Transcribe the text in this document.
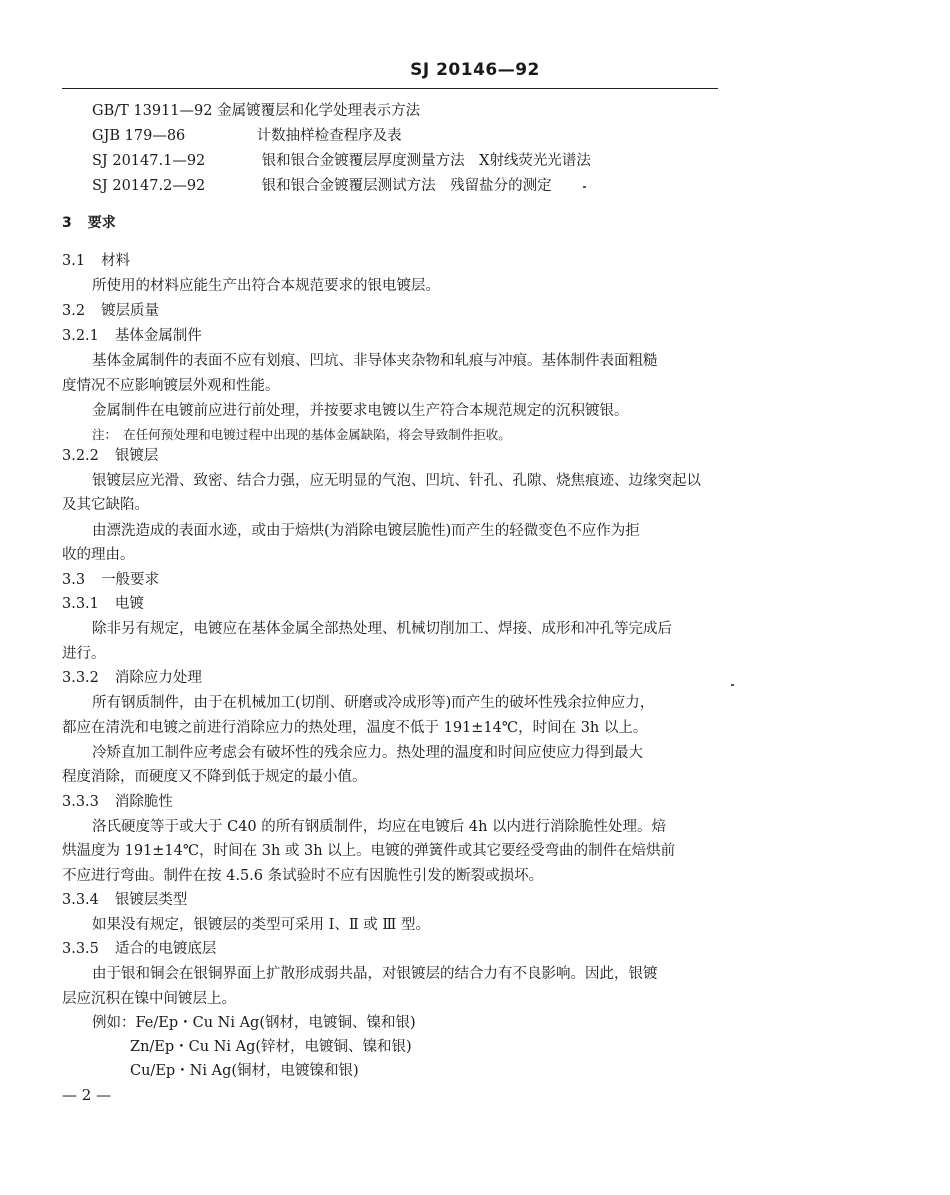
SJ 20146—92
GB/T 13911—92 金属镀覆层和化学处理表示方法
GJB 179—86	计数抽样检查程序及表
SJ 20147.1—92	银和银合金镀覆层厚度测量方法　X射线荧光光谱法
SJ 20147.2—92	银和银合金镀覆层测试方法　残留盐分的测定
3 要求
3.1 材料
所使用的材料应能生产出符合本规范要求的银电镀层。
3.2 镀层质量
3.2.1 基体金属制件
基体金属制件的表面不应有划痕、凹坑、非导体夹杂物和轧痕与冲痕。基体制件表面粗糙
度情况不应影响镀层外观和性能。
金属制件在电镀前应进行前处理，并按要求电镀以生产符合本规范规定的沉积镀银。
注：　在任何预处理和电镀过程中出现的基体金属缺陷，将会导致制件拒收。
3.2.2 银镀层
银镀层应光滑、致密、结合力强，应无明显的气泡、凹坑、针孔、孔隙、烧焦痕迹、边缘突起以
及其它缺陷。
由漂洗造成的表面水迹，或由于焙烘(为消除电镀层脆性)而产生的轻微变色不应作为拒
收的理由。
3.3 一般要求
3.3.1 电镀
除非另有规定，电镀应在基体金属全部热处理、机械切削加工、焊接、成形和冲孔等完成后
进行。
3.3.2 消除应力处理
所有钢质制件，由于在机械加工(切削、研磨或冷成形等)而产生的破坏性残余拉伸应力，
都应在清洗和电镀之前进行消除应力的热处理，温度不低于 191±14℃，时间在 3h 以上。
冷矫直加工制件应考虑会有破坏性的残余应力。热处理的温度和时间应使应力得到最大
程度消除，而硬度又不降到低于规定的最小值。
3.3.3 消除脆性
洛氏硬度等于或大于 C40 的所有钢质制件，均应在电镀后 4h 以内进行消除脆性处理。焙
烘温度为 191±14℃，时间在 3h 或 3h 以上。电镀的弹簧件或其它要经受弯曲的制件在焙烘前
不应进行弯曲。制件在按 4.5.6 条试验时不应有因脆性引发的断裂或损坏。
3.3.4 银镀层类型
如果没有规定，银镀层的类型可采用 Ⅰ、Ⅱ 或 Ⅲ 型。
3.3.5 适合的电镀底层
由于银和铜会在银铜界面上扩散形成弱共晶，对银镀层的结合力有不良影响。因此，银镀
层应沉积在镍中间镀层上。
例如：Fe/Ep・Cu Ni Ag(钢材，电镀铜、镍和银)
Zn/Ep・Cu Ni Ag(锌材，电镀铜、镍和银)
Cu/Ep・Ni Ag(铜材，电镀镍和银)
— 2 —
